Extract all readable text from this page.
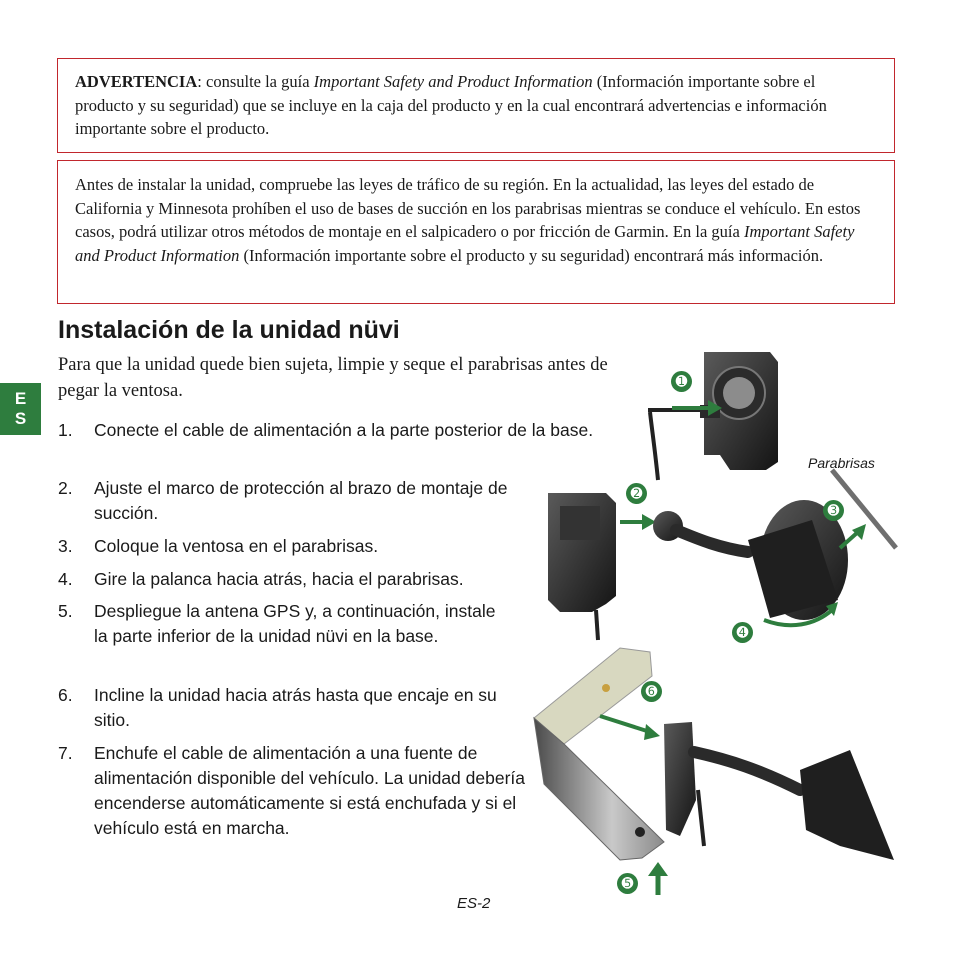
ADVERTENCIA: consulte la guía Important Safety and Product Information (Información importante sobre el producto y su seguridad) que se incluye en la caja del producto y en la cual encontrará advertencias e información importante sobre el producto.

Antes de instalar la unidad, compruebe las leyes de tráfico de su región. En la actualidad, las leyes del estado de California y Minnesota prohíben el uso de bases de succión en los parabrisas mientras se conduce el vehículo. En estos casos, podrá utilizar otros métodos de montaje en el salpicadero o por fricción de Garmin. En la guía Important Safety and Product Information (Información importante sobre el producto y su seguridad) encontrará más información.

Instalación de la unidad nüvi

Para que la unidad quede bien sujeta, limpie y seque el parabrisas antes de pegar la ventosa.

E
S
1.	Conecte el cable de alimentación a la parte posterior de la base.
2.	Ajuste el marco de protección al brazo de montaje de succión.
3.	Coloque la ventosa en el parabrisas.
4.	Gire la palanca hacia atrás, hacia el parabrisas.
5.	Despliegue la antena GPS y, a continuación, instale la parte inferior de la unidad nüvi en la base.
6.	Incline la unidad hacia atrás hasta que encaje en su sitio.
7.	Enchufe el cable de alimentación a una fuente de alimentación disponible del vehículo. La unidad debería encenderse automáticamente si está enchufada y si el vehículo está en marcha.
➊
➋
➌
➍
➎
➏
Parabrisas
ES-2
